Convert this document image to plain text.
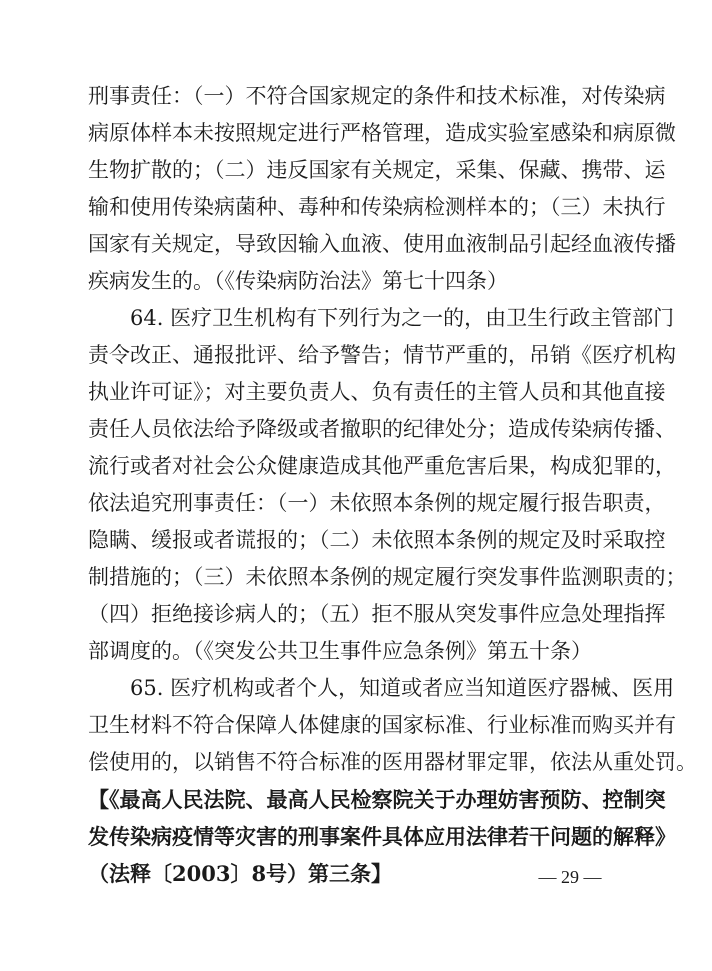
刑事责任：（一）不符合国家规定的条件和技术标准，对传染病
病原体样本未按照规定进行严格管理，造成实验室感染和病原微
生物扩散的；（二）违反国家有关规定，采集、保藏、携带、运
输和使用传染病菌种、毒种和传染病检测样本的；（三）未执行
国家有关规定，导致因输入血液、使用血液制品引起经血液传播
疾病发生的。（《传染病防治法》第七十四条）
64. 医疗卫生机构有下列行为之一的，由卫生行政主管部门
责令改正、通报批评、给予警告；情节严重的，吊销《医疗机构
执业许可证》；对主要负责人、负有责任的主管人员和其他直接
责任人员依法给予降级或者撤职的纪律处分；造成传染病传播、
流行或者对社会公众健康造成其他严重危害后果，构成犯罪的，
依法追究刑事责任：（一）未依照本条例的规定履行报告职责，
隐瞒、缓报或者谎报的；（二）未依照本条例的规定及时采取控
制措施的；（三）未依照本条例的规定履行突发事件监测职责的；
（四）拒绝接诊病人的；（五）拒不服从突发事件应急处理指挥
部调度的。（《突发公共卫生事件应急条例》第五十条）
65. 医疗机构或者个人，知道或者应当知道医疗器械、医用
卫生材料不符合保障人体健康的国家标准、行业标准而购买并有
偿使用的，以销售不符合标准的医用器材罪定罪，依法从重处罚。
【《最高人民法院、最高人民检察院关于办理妨害预防、控制突
发传染病疫情等灾害的刑事案件具体应用法律若干问题的解释》
（法释〔2003〕8号）第三条】	— 29 —
